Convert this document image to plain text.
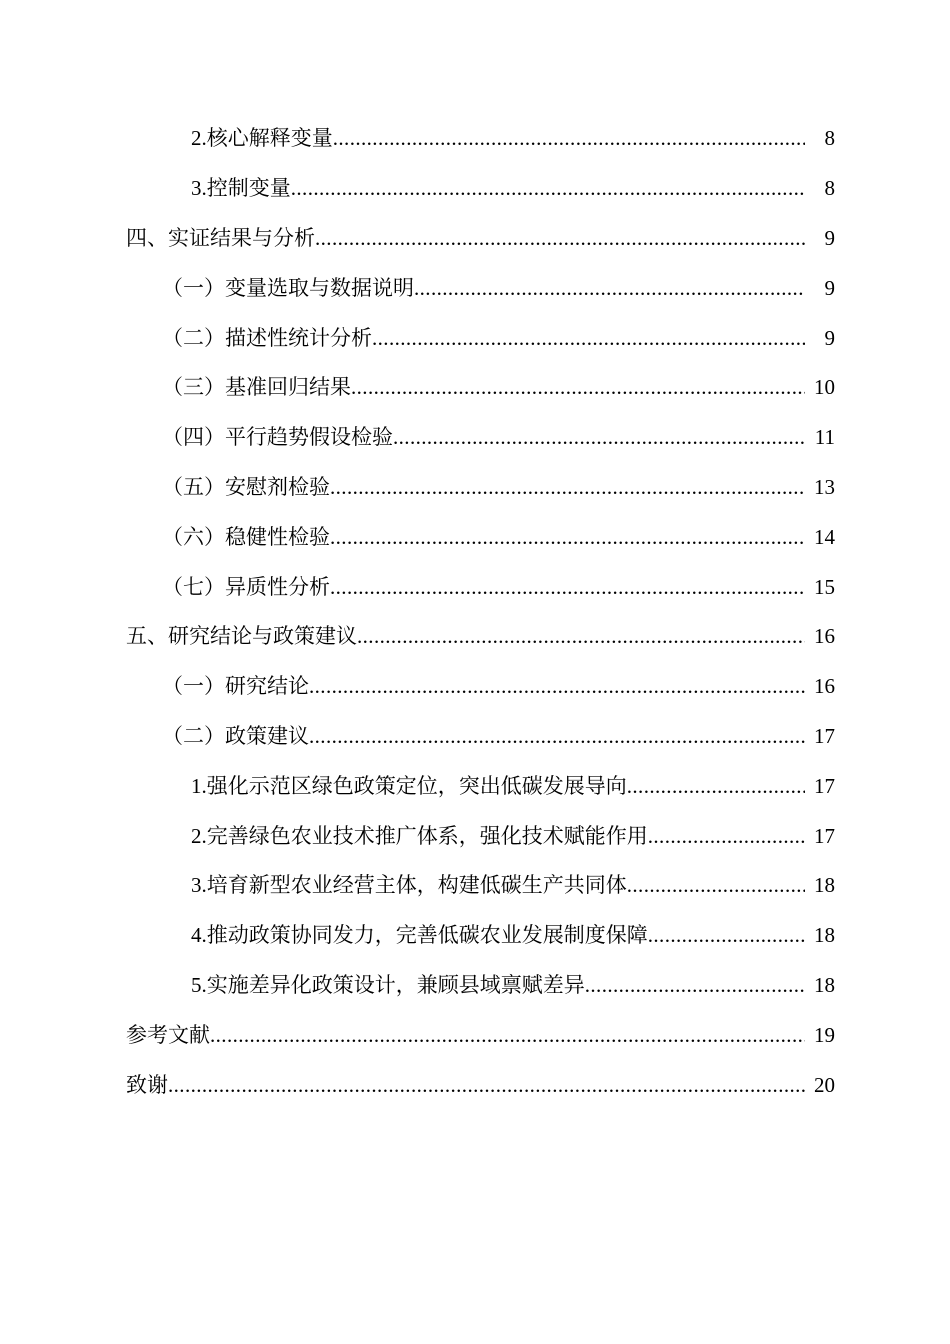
2.核心解释变量 .....	8
3.控制变量 .....	8
四、实证结果与分析 .....	9
（一）变量选取与数据说明 .....	9
（二）描述性统计分析 .....	9
（三）基准回归结果 .....	10
（四）平行趋势假设检验 .....	11
（五）安慰剂检验 .....	13
（六）稳健性检验 .....	14
（七）异质性分析 .....	15
五、研究结论与政策建议 .....	16
（一）研究结论 .....	16
（二）政策建议 .....	17
1.强化示范区绿色政策定位，突出低碳发展导向 .....	17
2.完善绿色农业技术推广体系，强化技术赋能作用 .....	17
3.培育新型农业经营主体，构建低碳生产共同体 .....	18
4.推动政策协同发力，完善低碳农业发展制度保障 .....	18
5.实施差异化政策设计，兼顾县域禀赋差异 .....	18
参考文献 .....	19
致谢 .....	20
